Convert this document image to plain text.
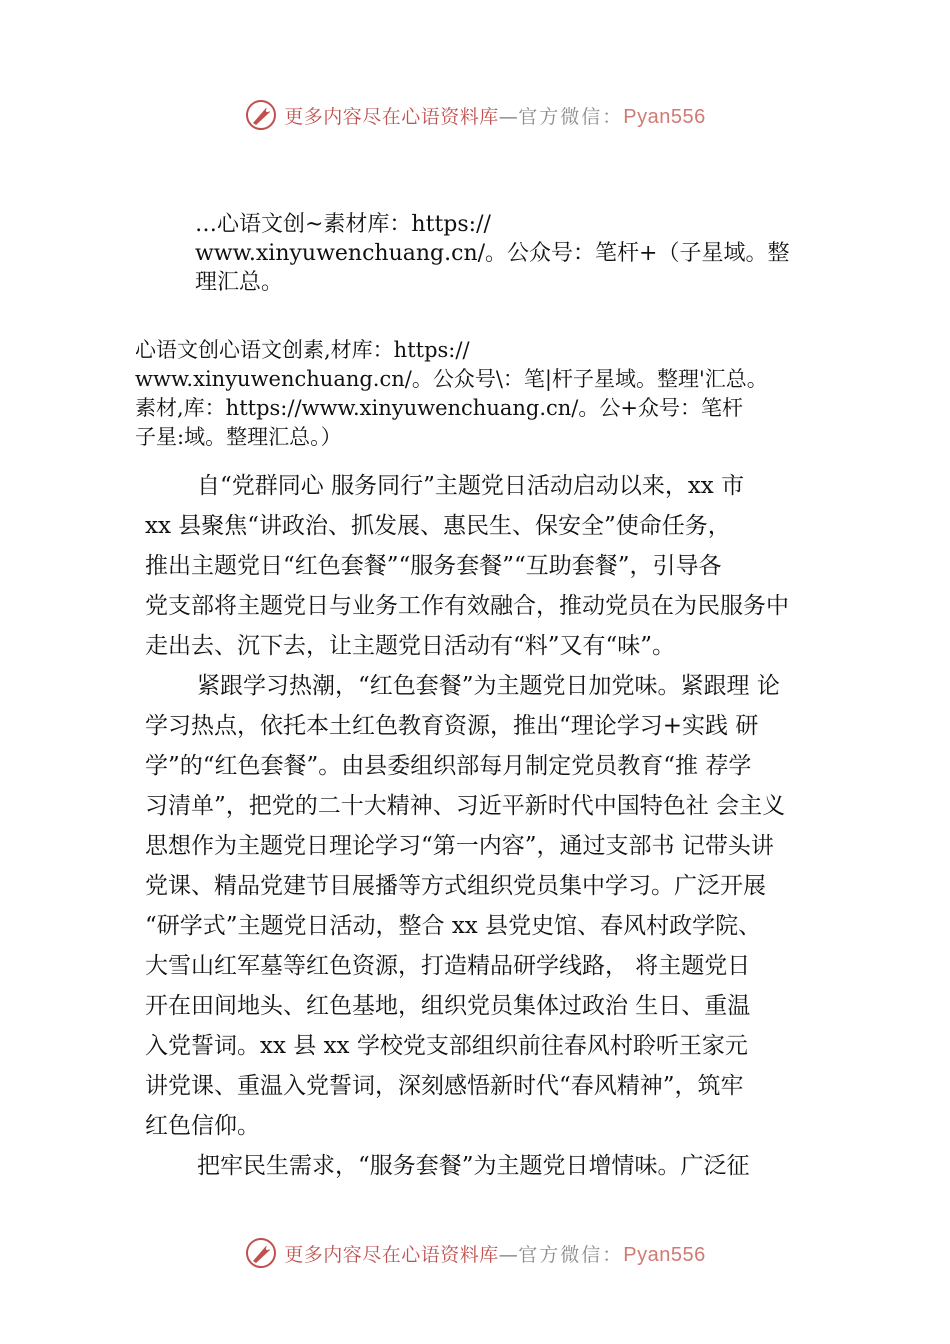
更多内容尽在心语资料库—官方微信：Pyan556
…心语文创~素材库：https://
www.xinyuwenchuang.cn/。公众号：笔杆+（子星域。整
理汇总。
心语文创心语文创素,材库：https://
www.xinyuwenchuang.cn/。公众号\：笔|杆子星域。整理'汇总。
素材,库：https://www.xinyuwenchuang.cn/。公+众号：笔杆
子星:域。整理汇总。）
自“党群同心 服务同行”主题党日活动启动以来，xx 市
xx 县聚焦“讲政治、抓发展、惠民生、保安全”使命任务，
推出主题党日“红色套餐”“服务套餐”“互助套餐”，引导各
党支部将主题党日与业务工作有效融合，推动党员在为民服务中
走出去、沉下去，让主题党日活动有“料”又有“味”。
紧跟学习热潮，“红色套餐”为主题党日加党味。紧跟理 论
学习热点，依托本土红色教育资源，推出“理论学习+实践 研
学”的“红色套餐”。由县委组织部每月制定党员教育“推 荐学
习清单”，把党的二十大精神、习近平新时代中国特色社 会主义
思想作为主题党日理论学习“第一内容”，通过支部书 记带头讲
党课、精品党建节目展播等方式组织党员集中学习。广泛开展
“研学式”主题党日活动，整合 xx 县党史馆、春风村政学院、
大雪山红军墓等红色资源，打造精品研学线路， 将主题党日
开在田间地头、红色基地，组织党员集体过政治 生日、重温
入党誓词。xx 县 xx 学校党支部组织前往春风村聆听王家元
讲党课、重温入党誓词，深刻感悟新时代“春风精神”，筑牢
红色信仰。
把牢民生需求，“服务套餐”为主题党日增情味。广泛征
更多内容尽在心语资料库—官方微信：Pyan556
